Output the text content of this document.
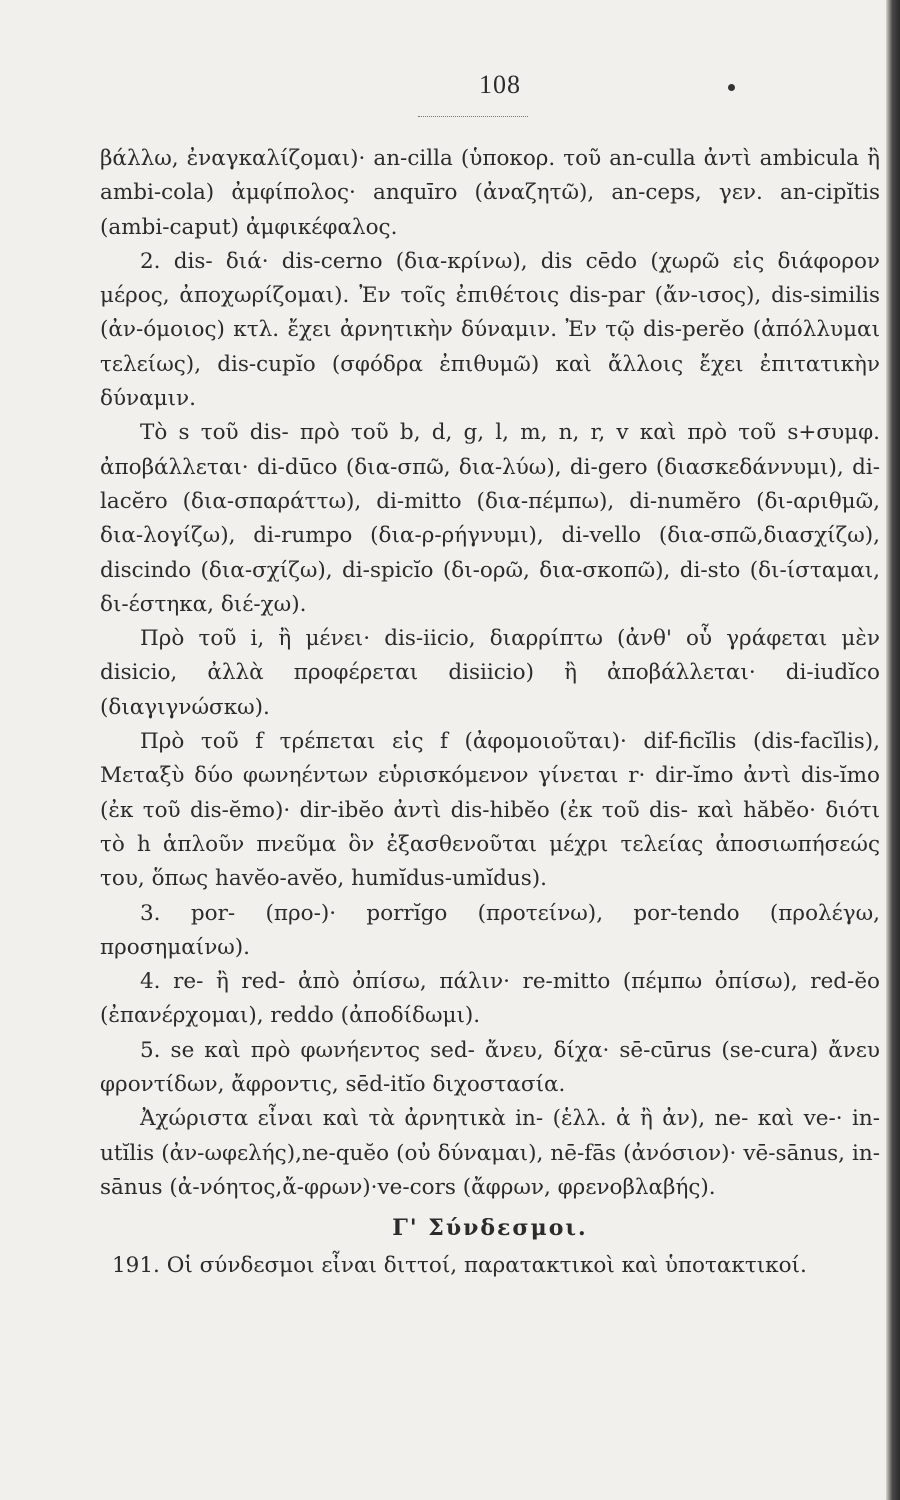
108

βάλλω, ἐναγκαλίζομαι)· an-cilla (ὑποκορ. τοῦ an-culla ἀντὶ ambicula ἢ ambi-cola) ἀμφίπολος· anquīro (ἀναζητῶ), an-ceps, γεν. an-cipĭtis (ambi-caput) ἀμφικέφαλος.

2. dis- διά· dis-cerno (δια-κρίνω), dis cēdo (χωρῶ εἰς διάφορον μέρος, ἀποχωρίζομαι). Ἐν τοῖς ἐπιθέτοις dis-par (ἄν-ισος), dis-similis (ἀν-όμοιος) κτλ. ἔχει ἀρνητικὴν δύναμιν. Ἐν τῷ dis-perĕo (ἀπόλλυμαι τελείως), dis-cupĭo (σφόδρα ἐπιθυμῶ) καὶ ἄλλοις ἔχει ἐπιτατικὴν δύναμιν.

Τὸ s τοῦ dis- πρὸ τοῦ b, d, g, l, m, n, r, v καὶ πρὸ τοῦ s+συμφ. ἀποβάλλεται· di-dūco (δια-σπῶ, δια-λύω), di-gero (διασκεδάννυμι), di-lacĕro (δια-σπαράττω), di-mitto (δια-πέμπω), di-numĕro (δι-αριθμῶ, δια-λογίζω), di-rumpo (δια-ρ-ρήγνυμι), di-vello (δια-σπῶ,διασχίζω), discindo (δια-σχίζω), di-spicĭo (δι-ορῶ, δια-σκοπῶ), di-sto (δι-ίσταμαι, δι-έστηκα, διέ-χω).

Πρὸ τοῦ i, ἢ μένει· dis-iicio, διαρρίπτω (ἀνθ' οὗ γράφεται μὲν disicio, ἀλλὰ προφέρεται disiicio) ἢ ἀποβάλλεται· di-iudĭco (διαγιγνώσκω).

Πρὸ τοῦ f τρέπεται εἰς f (ἀφομοιοῦται)· dif-ficĭlis (dis-facĭlis), Μεταξὺ δύο φωνηέντων εὑρισκόμενον γίνεται r· dir-ĭmo ἀντὶ dis-ĭmo (ἐκ τοῦ dis-ĕmo)· dir-ibĕo ἀντὶ dis-hibĕo (ἐκ τοῦ dis- καὶ hăbĕo· διότι τὸ h ἁπλοῦν πνεῦμα ὃν ἐξασθενοῦται μέχρι τελείας ἀποσιωπήσεώς του, ὅπως havĕo-avĕo, humĭdus-umĭdus).

3. por- (προ-)· porrĭgo (προτείνω), por-tendo (προλέγω, προσημαίνω).

4. re- ἢ red- ἀπὸ ὀπίσω, πάλιν· re-mitto (πέμπω ὀπίσω), red-ĕo (ἐπανέρχομαι), reddo (ἀποδίδωμι).

5. se καὶ πρὸ φωνήεντος sed- ἄνευ, δίχα· sē-cūrus (se-cura) ἄνευ φροντίδων, ἄφροντις, sēd-itĭo διχοστασία.

Ἀχώριστα εἶναι καὶ τὰ ἀρνητικὰ in- (ἑλλ. ἀ ἢ ἀν), ne- καὶ ve-· in-utĭlis (ἀν-ωφελής),ne-quĕo (οὐ δύναμαι), nē-fās (ἀνόσιον)· vē-sānus, in-sānus (ἀ-νόητος,ἄ-φρων)·ve-cors (ἄφρων, φρενοβλαβής).

Γ' Σύνδεσμοι.

191. Οἱ σύνδεσμοι εἶναι διττοί, παρατακτικοὶ καὶ ὑποτακτικοί.
